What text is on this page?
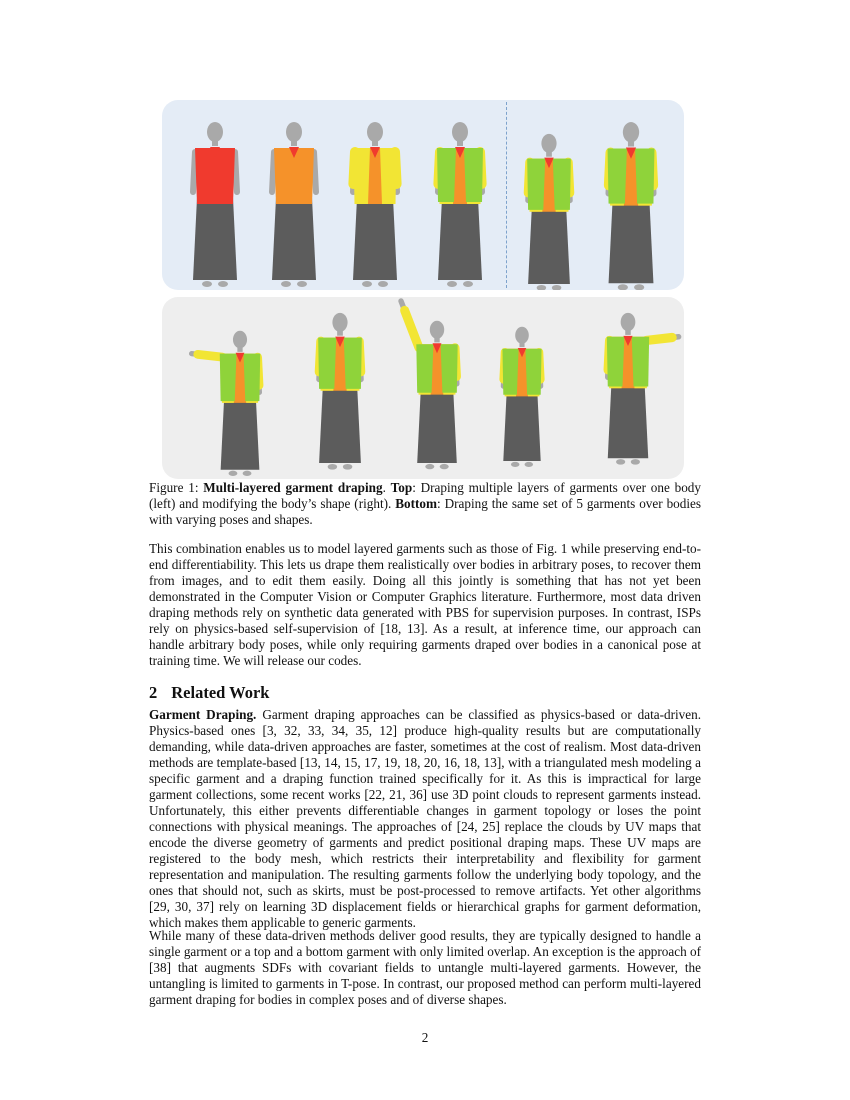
Figure 1: Multi-layered garment draping. Top: Draping multiple layers of garments over one body (left) and modifying the body’s shape (right). Bottom: Draping the same set of 5 garments over bodies with varying poses and shapes.

This combination enables us to model layered garments such as those of Fig. 1 while preserving end-to-end differentiability. This lets us drape them realistically over bodies in arbitrary poses, to recover them from images, and to edit them easily. Doing all this jointly is something that has not yet been demonstrated in the Computer Vision or Computer Graphics literature. Furthermore, most data driven draping methods rely on synthetic data generated with PBS for supervision purposes. In contrast, ISPs rely on physics-based self-supervision of [18, 13]. As a result, at inference time, our approach can handle arbitrary body poses, while only requiring garments draped over bodies in a canonical pose at training time. We will release our codes.

2 Related Work

Garment Draping. Garment draping approaches can be classified as physics-based or data-driven. Physics-based ones [3, 32, 33, 34, 35, 12] produce high-quality results but are computationally demanding, while data-driven approaches are faster, sometimes at the cost of realism. Most data-driven methods are template-based [13, 14, 15, 17, 19, 18, 20, 16, 18, 13], with a triangulated mesh modeling a specific garment and a draping function trained specifically for it. As this is impractical for large garment collections, some recent works [22, 21, 36] use 3D point clouds to represent garments instead. Unfortunately, this either prevents differentiable changes in garment topology or loses the point connections with physical meanings. The approaches of [24, 25] replace the clouds by UV maps that encode the diverse geometry of garments and predict positional draping maps. These UV maps are registered to the body mesh, which restricts their interpretability and flexibility for garment representation and manipulation. The resulting garments follow the underlying body topology, and the ones that should not, such as skirts, must be post-processed to remove artifacts. Yet other algorithms [29, 30, 37] rely on learning 3D displacement fields or hierarchical graphs for garment deformation, which makes them applicable to generic garments.

While many of these data-driven methods deliver good results, they are typically designed to handle a single garment or a top and a bottom garment with only limited overlap. An exception is the approach of [38] that augments SDFs with covariant fields to untangle multi-layered garments. However, the untangling is limited to garments in T-pose. In contrast, our proposed method can perform multi-layered garment draping for bodies in complex poses and of diverse shapes.

2
